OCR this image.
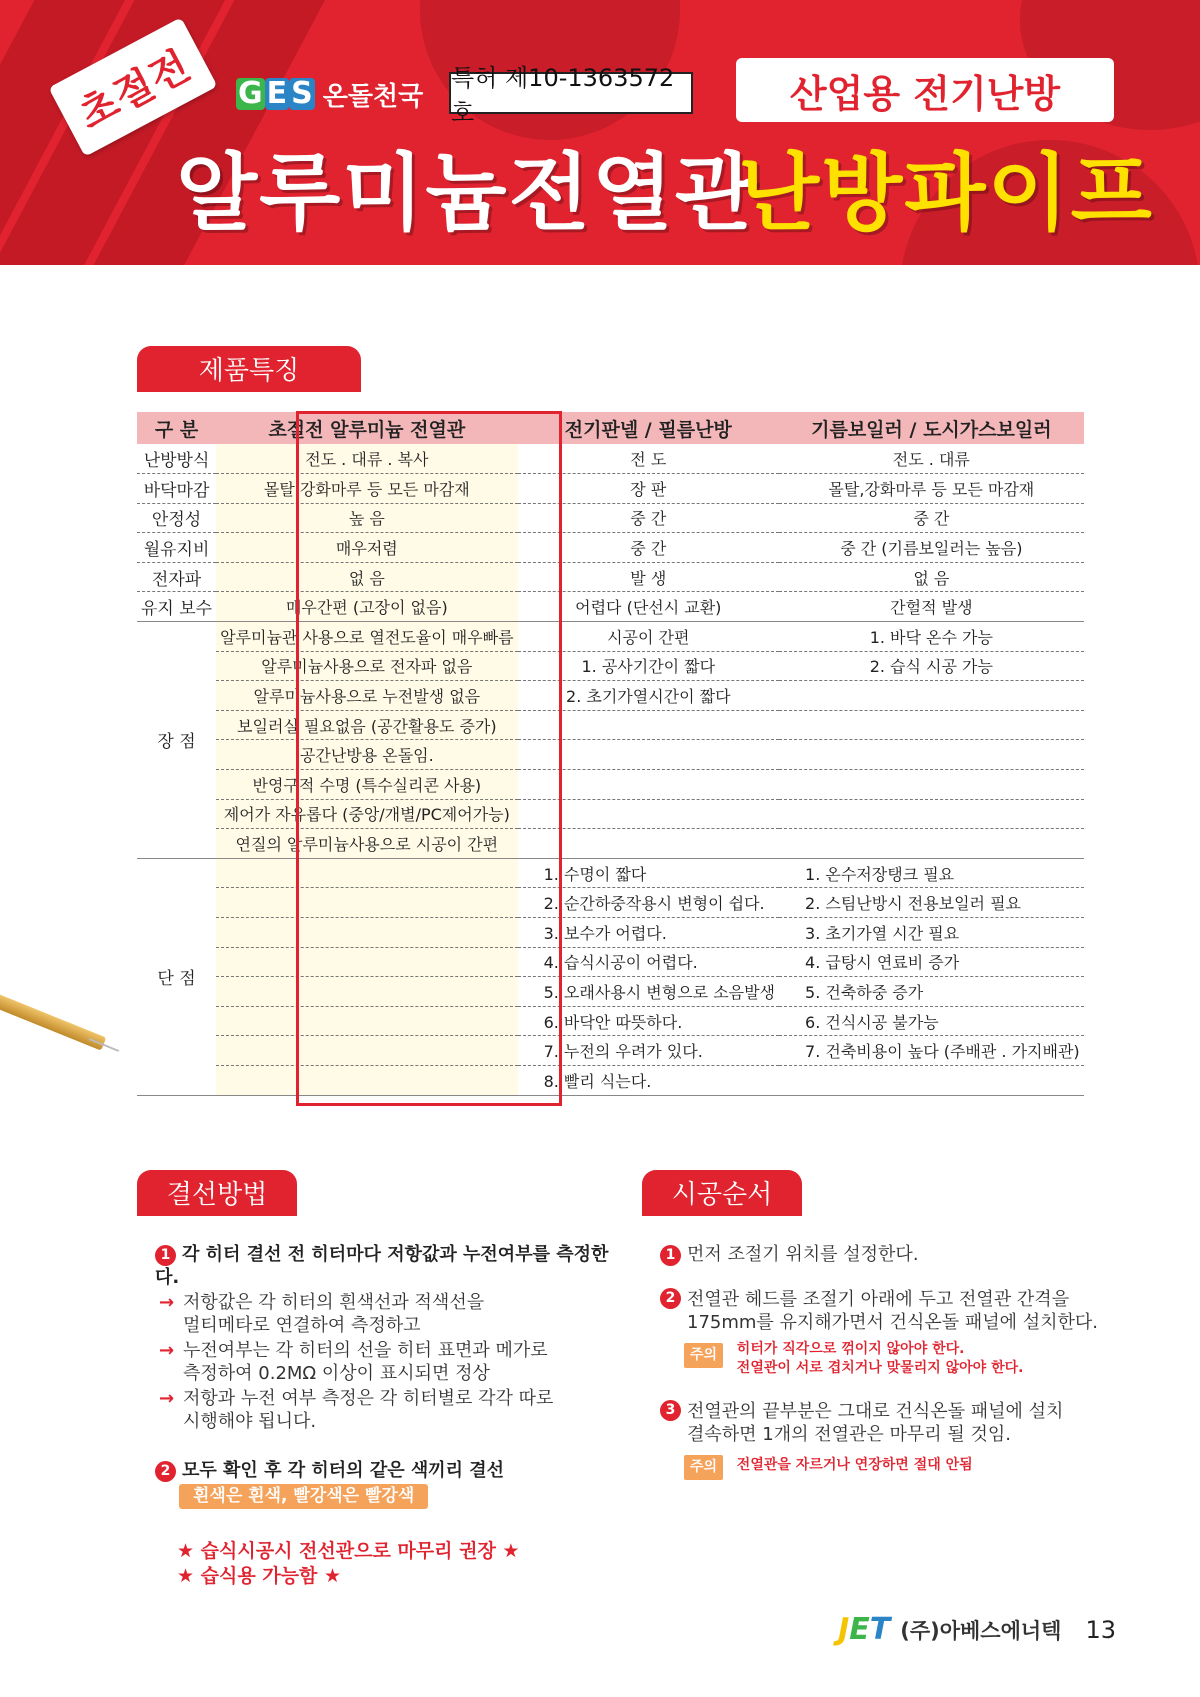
초절전 G E S 온돌천국
특허 제10-1363572호	산업용 전기난방
알루미늄전열관
난방파이프
제품특징
구 분	초절전 알루미늄 전열관	전기판넬 / 필름난방	기름보일러 / 도시가스보일러
난방방식	전도 . 대류 . 복사	전 도	전도 . 대류
바닥마감	몰탈,강화마루 등 모든 마감재	장 판	몰탈,강화마루 등 모든 마감재
안정성	높 음	중 간	중 간
월유지비	매우저렴	중 간	중 간 (기름보일러는 높음)
전자파	없 음	발 생	없 음
유지 보수	매우간편 (고장이 없음)	어렵다 (단선시 교환)	간헐적 발생
장 점	알루미늄관 사용으로 열전도율이 매우빠름	시공이 간편	1. 바닥 온수 가능
	알루미늄사용으로 전자파 없음	1. 공사기간이 짧다	2. 습식 시공 가능
	알루미늄사용으로 누전발생 없음	2. 초기가열시간이 짧다	
	보일러실 필요없음 (공간활용도 증가)		
	공간난방용 온돌임.		
	반영구적 수명 (특수실리콘 사용)		
	제어가 자유롭다 (중앙/개별/PC제어가능)		
	연질의 알루미늄사용으로 시공이 간편		
단 점		1. 수명이 짧다	1. 온수저장탱크 필요
		2. 순간하중작용시 변형이 쉽다.	2. 스팀난방시 전용보일러 필요
		3. 보수가 어렵다.	3. 초기가열 시간 필요
		4. 습식시공이 어렵다.	4. 급탕시 연료비 증가
		5. 오래사용시 변형으로 소음발생	5. 건축하중 증가
		6. 바닥안 따뜻하다.	6. 건식시공 불가능
		7. 누전의 우려가 있다.	7. 건축비용이 높다 (주배관 . 가지배관)
		8. 빨리 식는다.	
결선방법
1 각 히터 결선 전 히터마다 저항값과 누전여부를 측정한다.
→ 저항값은 각 히터의 흰색선과 적색선을
멀티메타로 연결하여 측정하고
→ 누전여부는 각 히터의 선을 히터 표면과 메가로
측정하여 0.2MΩ 이상이 표시되면 정상
→ 저항과 누전 여부 측정은 각 히터별로 각각 따로
시행해야 됩니다.
2 모두 확인 후 각 히터의 같은 색끼리 결선
흰색은 흰색, 빨강색은 빨강색
★ 습식시공시 전선관으로 마무리 권장 ★
★ 습식용 가능함 ★
시공순서
1 먼저 조절기 위치를 설정한다.
2 전열관 헤드를 조절기 아래에 두고 전열관 간격을
175mm를 유지해가면서 건식온돌 패널에 설치한다.
주의 히터가 직각으로 꺾이지 않아야 한다.
전열관이 서로 겹치거나 맞물리지 않아야 한다.
3 전열관의 끝부분은 그대로 건식온돌 패널에 설치
결속하면 1개의 전열관은 마무리 될 것임.
주의 전열관을 자르거나 연장하면 절대 안됨
J E T (주)아베스에너텍 13
